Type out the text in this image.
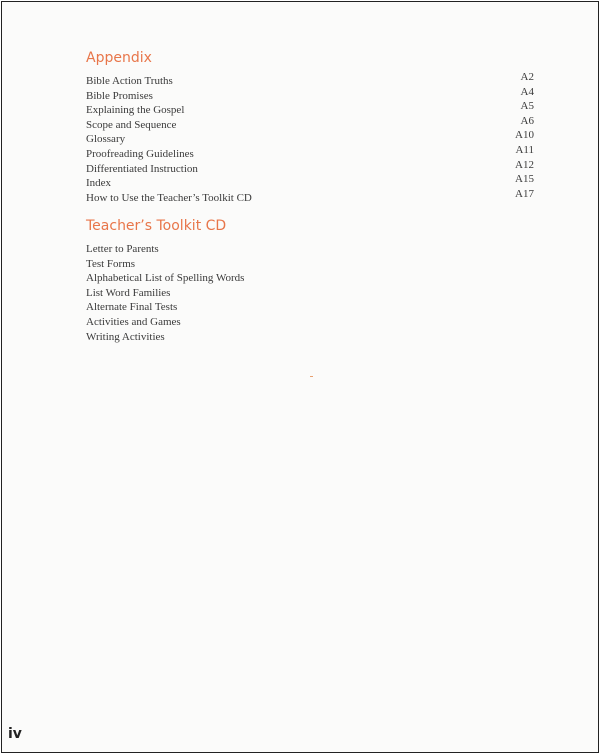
Appendix
Bible Action Truths	A2
Bible Promises	A4
Explaining the Gospel	A5
Scope and Sequence	A6
Glossary	A10
Proofreading Guidelines	A11
Differentiated Instruction	A12
Index	A15
How to Use the Teacher’s Toolkit CD	A17
Teacher’s Toolkit CD
Letter to Parents
Test Forms
Alphabetical List of Spelling Words
List Word Families
Alternate Final Tests
Activities and Games
Writing Activities
iv
